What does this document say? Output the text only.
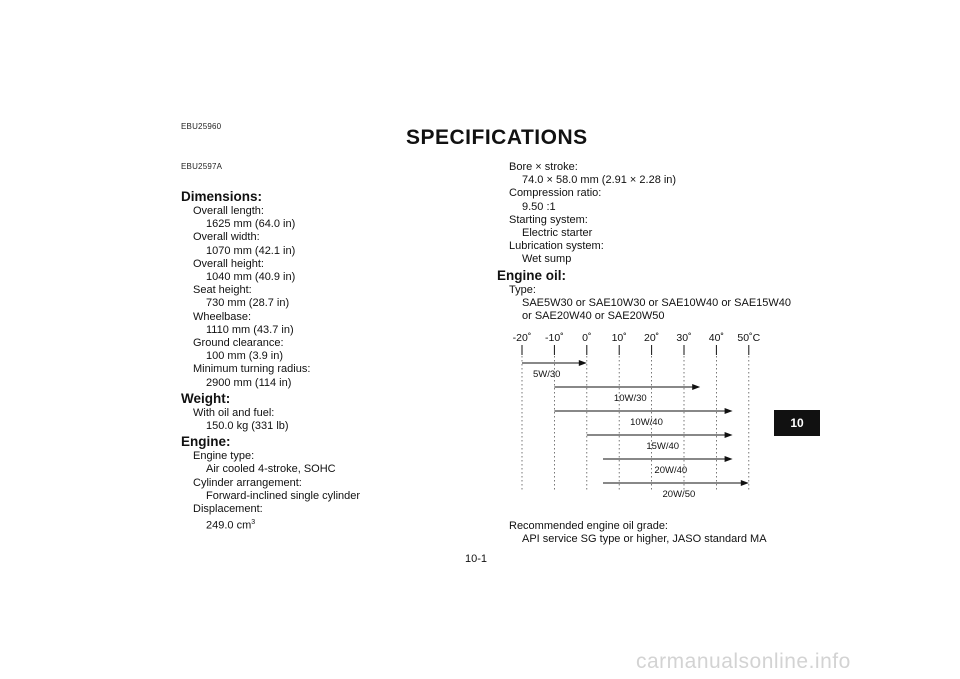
EBU25960	SPECIFICATIONS
EBU2597A
Dimensions:
Overall length:
1625 mm (64.0 in)
Overall width:
1070 mm (42.1 in)
Overall height:
1040 mm (40.9 in)
Seat height:
730 mm (28.7 in)
Wheelbase:
1110 mm (43.7 in)
Ground clearance:
100 mm (3.9 in)
Minimum turning radius:
2900 mm (114 in)
Weight:
With oil and fuel:
150.0 kg (331 lb)
Engine:
Engine type:
Air cooled 4-stroke, SOHC
Cylinder arrangement:
Forward-inclined single cylinder
Displacement:
249.0 $cm^3$
Bore × stroke:
74.0 × 58.0 mm (2.91 × 2.28 in)
Compression ratio:
9.50 :1
Starting system:
Electric starter
Lubrication system:
Wet sump
Engine oil:
Type:
SAE5W30 or SAE10W30 or SAE10W40 or SAE15W40
or SAE20W40 or SAE20W50
-20˚ -10˚ 0˚ 10˚ 20˚ 30˚ 40˚ 50˚C
5W/30
10W/30
10W/40
15W/40
20W/40
20W/50
Recommended engine oil grade:
API service SG type or higher, JASO standard MA
10
10-1
carmanualsonline.info
